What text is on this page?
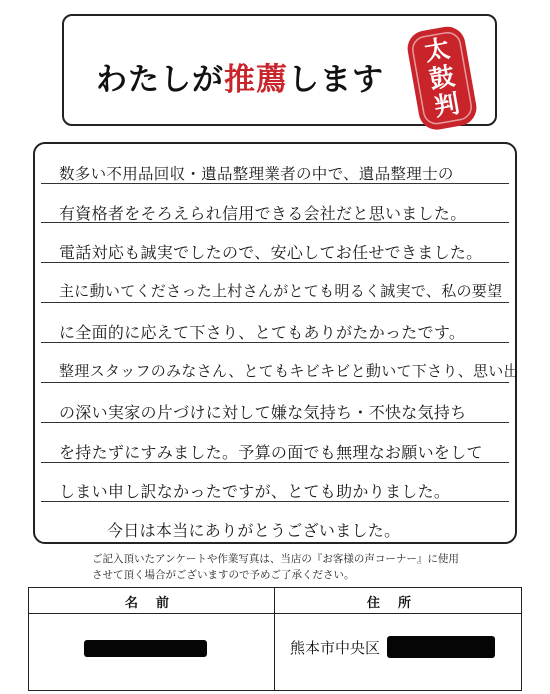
わたしが推薦します
太
鼓
判
数多い不用品回収・遺品整理業者の中で、遺品整理士の
有資格者をそろえられ信用できる会社だと思いました。
電話対応も誠実でしたので、安心してお任せできました。
主に動いてくださった上村さんがとても明るく誠実で、私の要望
に全面的に応えて下さり、とてもありがたかったです。
整理スタッフのみなさん、とてもキビキビと動いて下さり、思い出
の深い実家の片づけに対して嫌な気持ち・不快な気持ち
を持たずにすみました。予算の面でも無理なお願いをして
しまい申し訳なかったですが、とても助かりました。
今日は本当にありがとうございました。
ご記入頂いたアンケートや作業写真は、当店の『お客様の声コーナー』に使用
させて頂く場合がございますので予めご了承ください。
名前	住所
熊本市中央区
